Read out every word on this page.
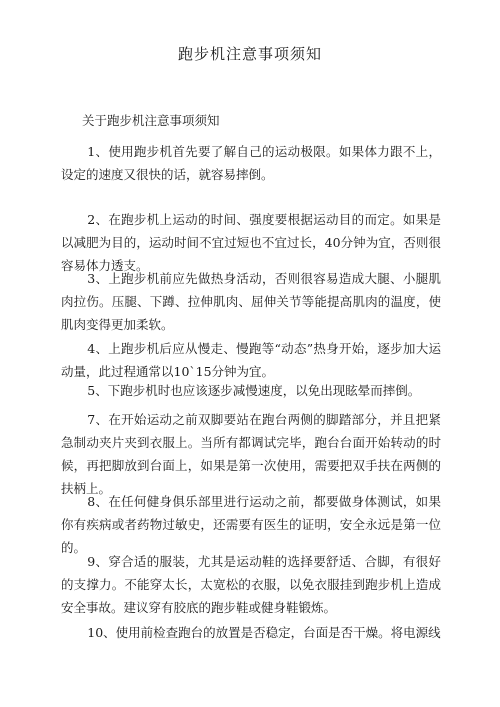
跑步机注意事项须知
关于跑步机注意事项须知

1、使用跑步机首先要了解自己的运动极限。如果体力跟不上，设定的速度又很快的话，就容易摔倒。

2、在跑步机上运动的时间、强度要根据运动目的而定。如果是以减肥为目的，运动时间不宜过短也不宜过长，40分钟为宜，否则很容易体力透支。

3、上跑步机前应先做热身活动，否则很容易造成大腿、小腿肌肉拉伤。压腿、下蹲、拉伸肌肉、屈伸关节等能提高肌肉的温度，使肌肉变得更加柔软。

4、上跑步机后应从慢走、慢跑等“动态”热身开始，逐步加大运动量，此过程通常以10`15分钟为宜。

5、下跑步机时也应该逐步减慢速度，以免出现眩晕而摔倒。

7、在开始运动之前双脚要站在跑台两侧的脚踏部分，并且把紧急制动夹片夹到衣服上。当所有都调试完毕，跑台台面开始转动的时候，再把脚放到台面上，如果是第一次使用，需要把双手扶在两侧的扶柄上。

8、在任何健身俱乐部里进行运动之前，都要做身体测试，如果你有疾病或者药物过敏史，还需要有医生的证明，安全永远是第一位的。

9、穿合适的服装，尤其是运动鞋的选择要舒适、合脚，有很好的支撑力。不能穿太长，太宽松的衣服，以免衣服挂到跑步机上造成安全事故。建议穿有胶底的跑步鞋或健身鞋锻炼。

10、使用前检查跑台的放置是否稳定，台面是否干燥。将电源线
